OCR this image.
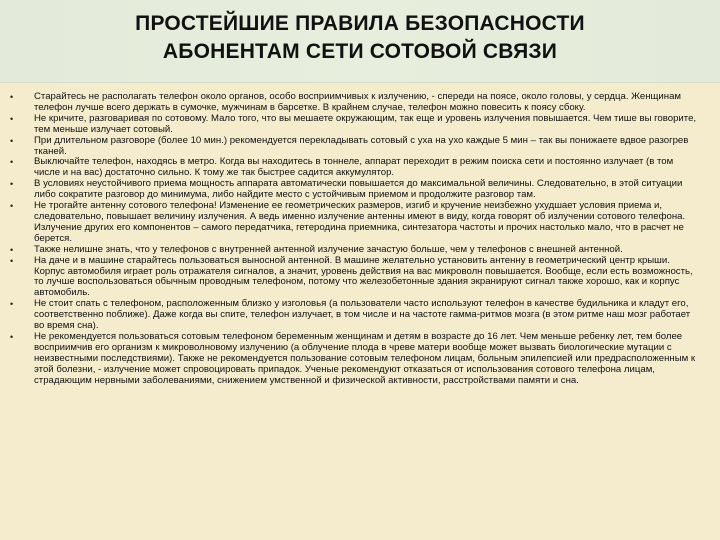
ПРОСТЕЙШИЕ ПРАВИЛА БЕЗОПАСНОСТИ
АБОНЕНТАМ СЕТИ СОТОВОЙ СВЯЗИ
• Старайтесь не располагать телефон около органов, особо восприимчивых к излучению, - спереди на поясе, около головы, у сердца. Женщинам телефон лучше всего держать в сумочке, мужчинам в барсетке. В крайнем случае, телефон можно повесить к поясу сбоку.
• Не кричите, разговаривая по сотовому. Мало того, что вы мешаете окружающим, так еще и уровень излучения повышается. Чем тише вы говорите, тем меньше излучает сотовый.
• При длительном разговоре (более 10 мин.) рекомендуется перекладывать сотовый с уха на ухо каждые 5 мин – так вы понижаете вдвое разогрев тканей.
• Выключайте телефон, находясь в метро. Когда вы находитесь в тоннеле, аппарат переходит в режим поиска сети и постоянно излучает (в том числе и на вас) достаточно сильно. К тому же так быстрее садится аккумулятор.
• В условиях неустойчивого приема мощность аппарата автоматически повышается до максимальной величины. Следовательно, в этой ситуации либо сократите разговор до минимума, либо найдите место с устойчивым приемом и продолжите разговор там.
• Не трогайте антенну сотового телефона! Изменение ее геометрических размеров, изгиб и кручение неизбежно ухудшает условия приема и, следовательно, повышает величину излучения. А ведь именно излучение антенны имеют в виду, когда говорят об излучении сотового телефона. Излучение других его компонентов – самого передатчика, гетеродина приемника, синтезатора частоты и прочих настолько мало, что в расчет не берется.
• Также нелишне знать, что у телефонов с внутренней антенной излучение зачастую больше, чем у телефонов с внешней антенной.
• На даче и в машине старайтесь пользоваться выносной антенной. В машине желательно установить антенну в геометрический центр крыши. Корпус автомобиля играет роль отражателя сигналов, а значит, уровень действия на вас микроволн повышается. Вообще, если есть возможность, то лучше воспользоваться обычным проводным телефоном, потому что железобетонные здания экранируют сигнал также хорошо, как и корпус автомобиль.
• Не стоит спать с телефоном, расположенным близко у изголовья (а пользователи часто используют телефон в качестве будильника и кладут его, соответственно поближе). Даже когда вы спите, телефон излучает, в том числе и на частоте гамма-ритмов мозга (в этом ритме наш мозг работает во время сна).
• Не рекомендуется пользоваться сотовым телефоном беременным женщинам и детям в возрасте до 16 лет. Чем меньше ребенку лет, тем более восприимчив его организм к микроволновому излучению (а облучение плода в чреве матери вообще может вызвать биологические мутации с неизвестными последствиями). Также не рекомендуется пользование сотовым телефоном лицам, больным эпилепсией или предрасположенным к этой болезни, - излучение может спровоцировать припадок. Ученые рекомендуют отказаться от использования сотового телефона лицам, страдающим нервными заболеваниями, снижением умственной и физической активности, расстройствами памяти и сна.
